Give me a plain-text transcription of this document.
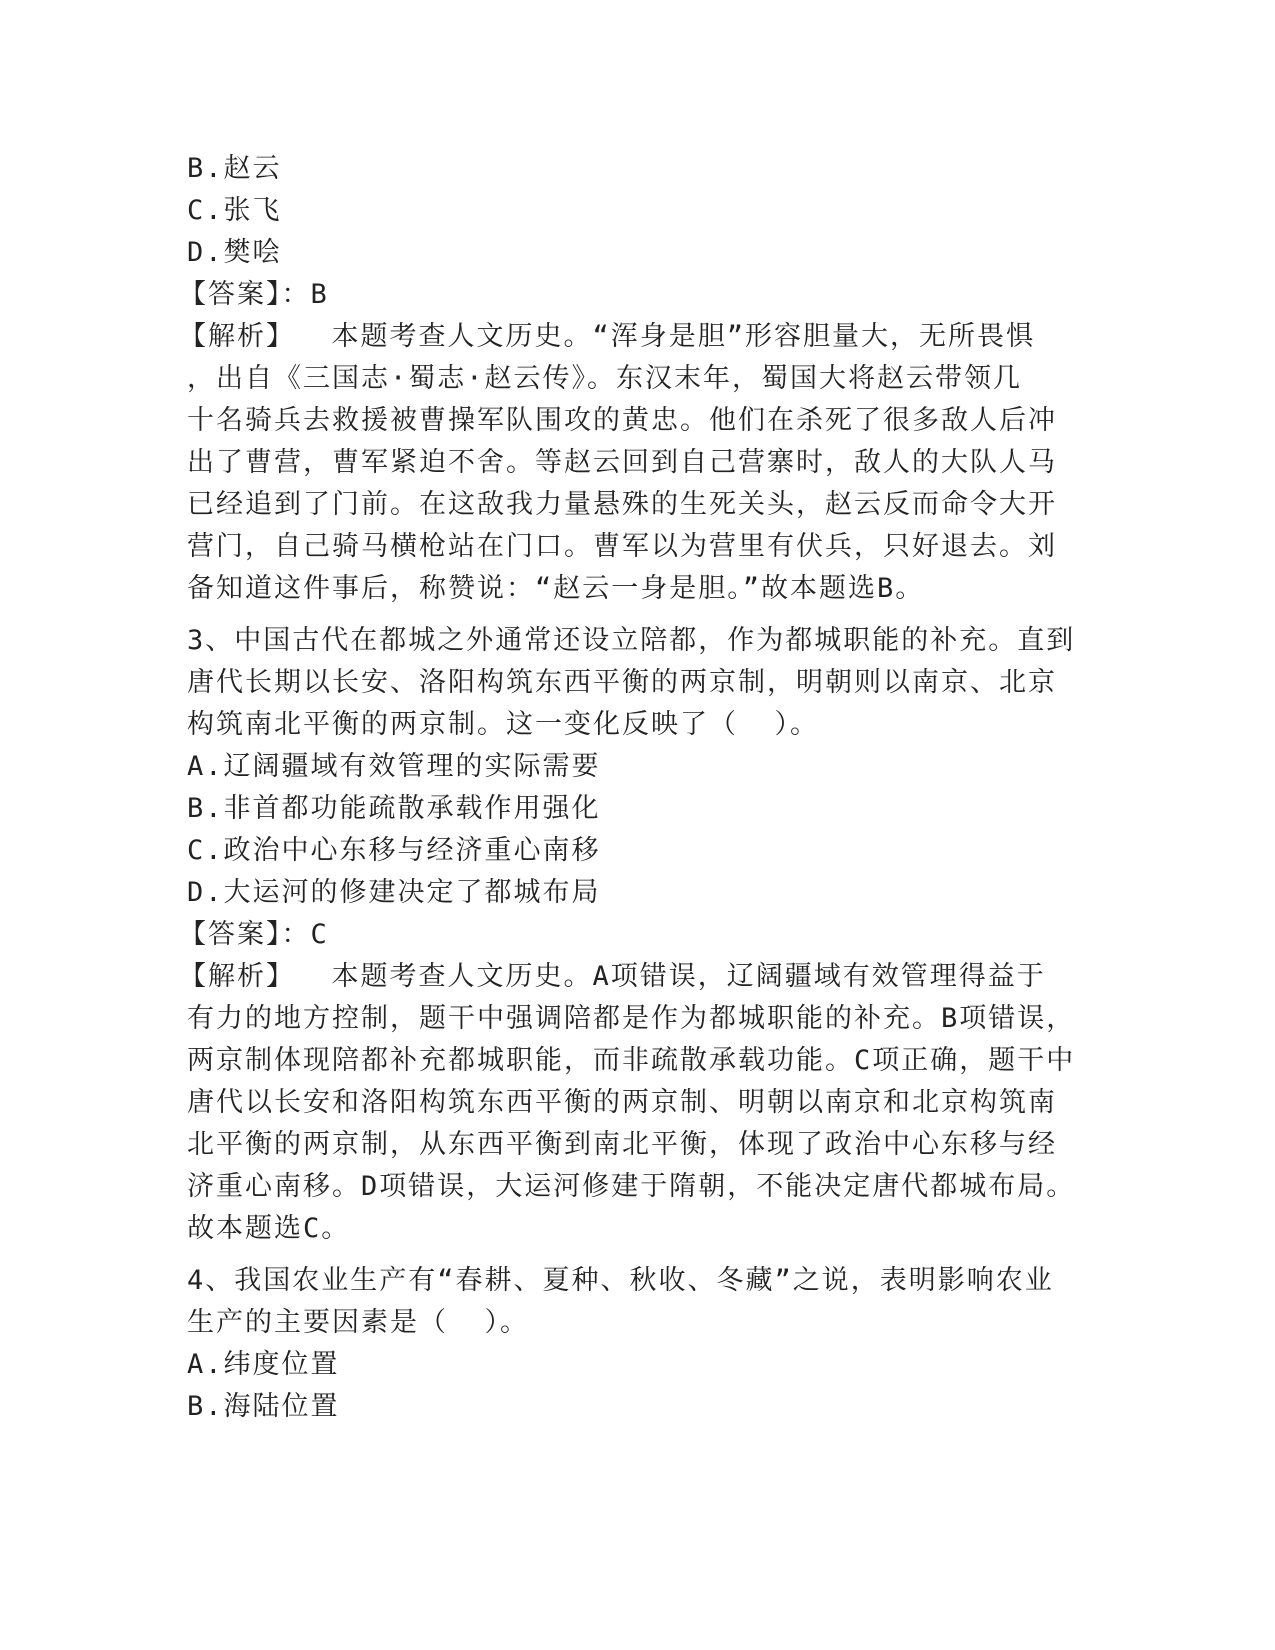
B.赵云
C.张飞
D.樊哙
【答案】：B
【解析】  本题考查人文历史。“浑身是胆”形容胆量大，无所畏惧
，出自《三国志·蜀志·赵云传》。东汉末年，蜀国大将赵云带领几
十名骑兵去救援被曹操军队围攻的黄忠。他们在杀死了很多敌人后冲
出了曹营，曹军紧迫不舍。等赵云回到自己营寨时，敌人的大队人马
已经追到了门前。在这敌我力量悬殊的生死关头，赵云反而命令大开
营门，自己骑马横枪站在门口。曹军以为营里有伏兵，只好退去。刘
备知道这件事后，称赞说：“赵云一身是胆。”故本题选B。
3、中国古代在都城之外通常还设立陪都，作为都城职能的补充。直到
唐代长期以长安、洛阳构筑东西平衡的两京制，明朝则以南京、北京
构筑南北平衡的两京制。这一变化反映了（  ）。
A.辽阔疆域有效管理的实际需要
B.非首都功能疏散承载作用强化
C.政治中心东移与经济重心南移
D.大运河的修建决定了都城布局
【答案】：C
【解析】  本题考查人文历史。A项错误，辽阔疆域有效管理得益于
有力的地方控制，题干中强调陪都是作为都城职能的补充。B项错误，
两京制体现陪都补充都城职能，而非疏散承载功能。C项正确，题干中
唐代以长安和洛阳构筑东西平衡的两京制、明朝以南京和北京构筑南
北平衡的两京制，从东西平衡到南北平衡，体现了政治中心东移与经
济重心南移。D项错误，大运河修建于隋朝，不能决定唐代都城布局。
故本题选C。
4、我国农业生产有“春耕、夏种、秋收、冬藏”之说，表明影响农业
生产的主要因素是（  ）。
A.纬度位置
B.海陆位置
